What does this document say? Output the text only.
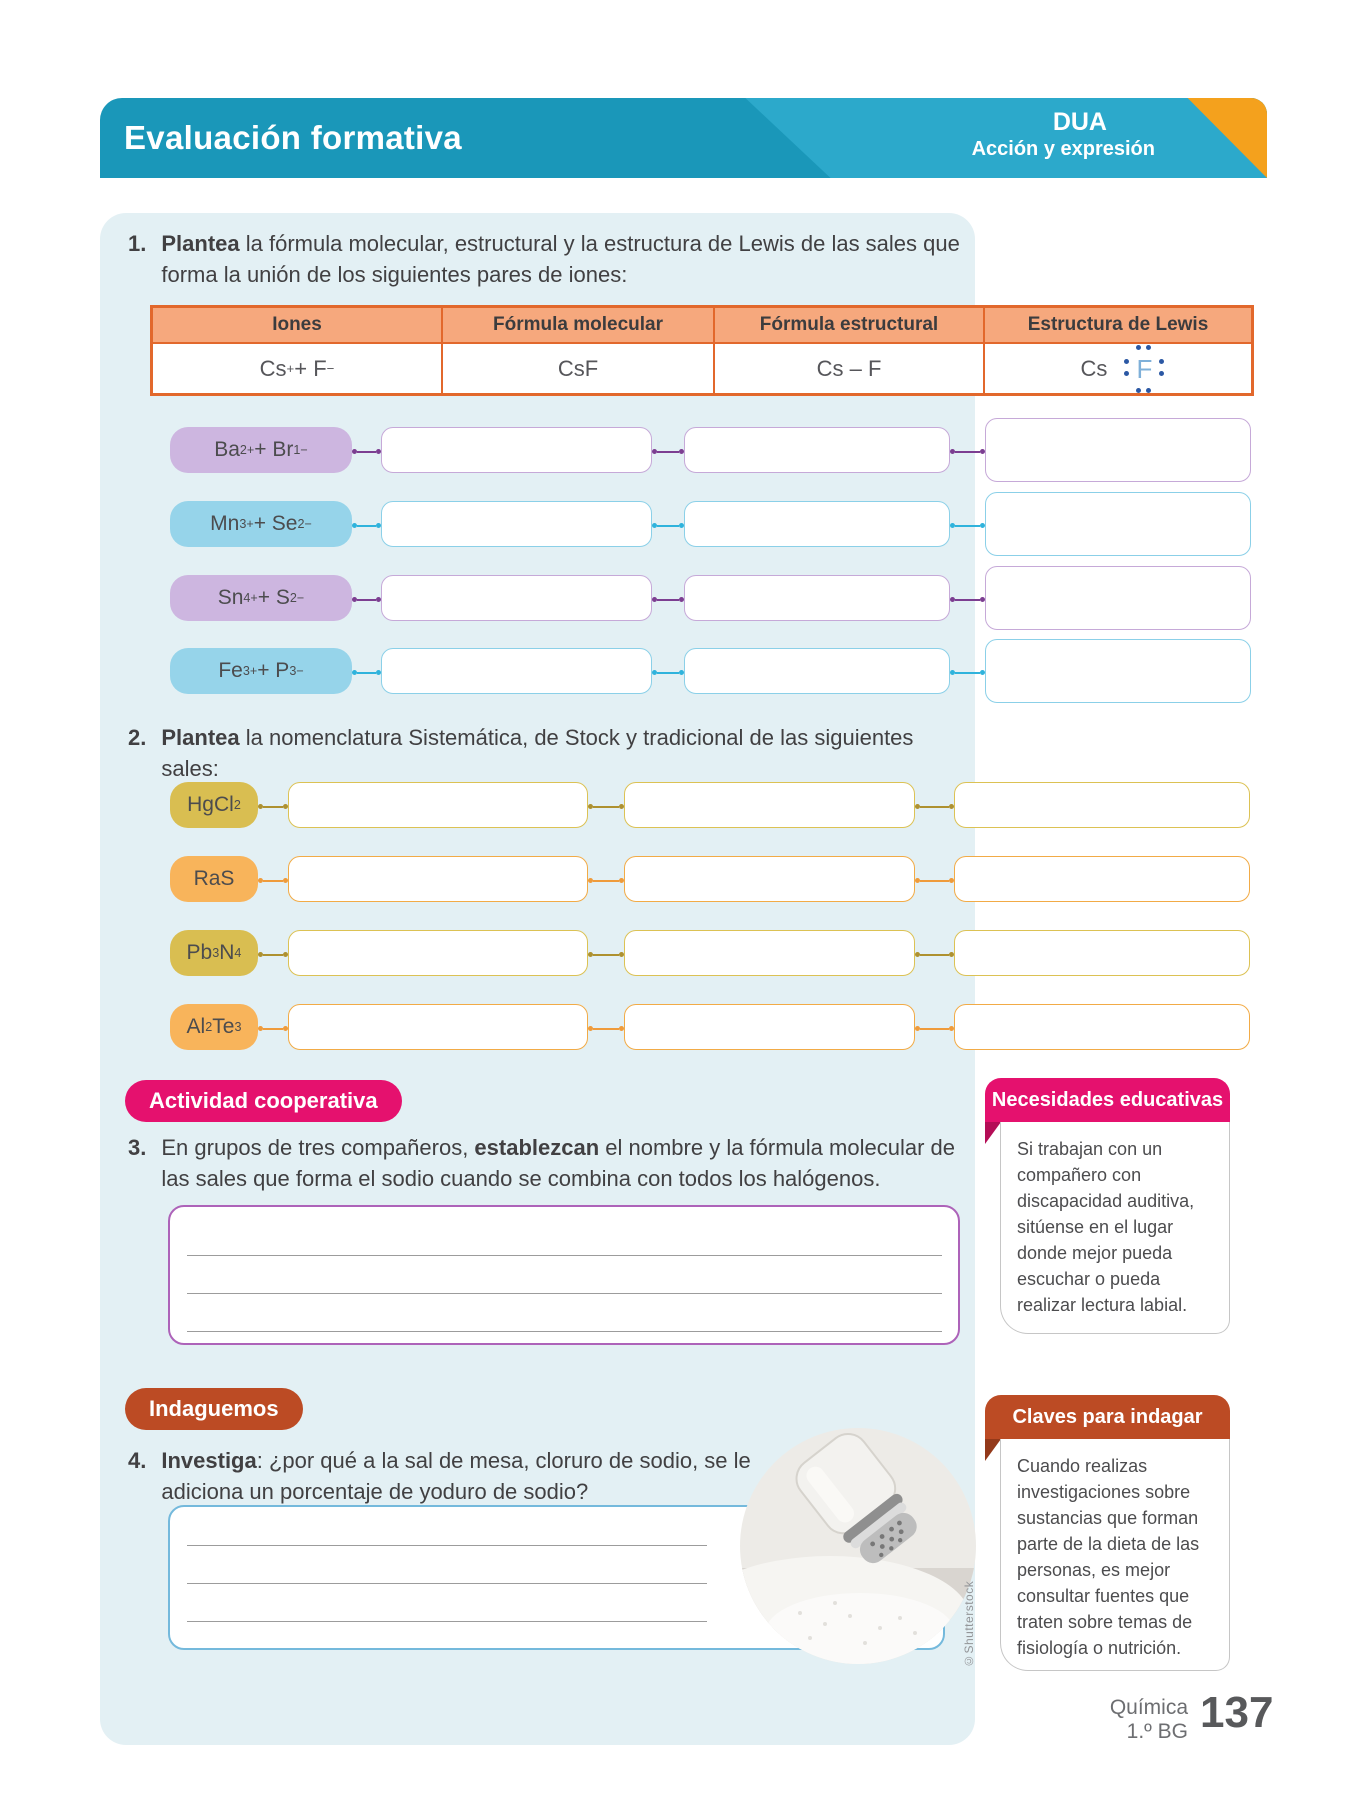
Evaluación formativa	DUA
Acción y expresión
1. Plantea la fórmula molecular, estructural y la estructura de Lewis de las sales que forma la unión de los siguientes pares de iones:
Iones	Fórmula molecular	Fórmula estructural	Estructura de Lewis
Cs + + F −	CsF	Cs – F	Cs F
Ba 2+ + Br 1−
Mn 3+ + Se 2−
Sn 4+ + S 2−
Fe 3+ + P 3−
2. Plantea la nomenclatura Sistemática, de Stock y tradicional de las siguientes sales:
HgCl 2
RaS
Pb 3 N 4
Al 2 Te 3
Actividad cooperativa
3. En grupos de tres compañeros, establezcan el nombre y la fórmula molecular de las sales que forma el sodio cuando se combina con todos los halógenos.
Necesidades educativas
Si trabajan con un compañero con discapacidad auditiva, sitúense en el lugar donde mejor pueda escuchar o pueda realizar lectura labial.
Indaguemos
4. Investiga: ¿por qué a la sal de mesa, cloruro de sodio, se le adiciona un porcentaje de yoduro de sodio?
©Shutterstock
Claves para indagar
Cuando realizas investigaciones sobre sustancias que forman parte de la dieta de las personas, es mejor consultar fuentes que traten sobre temas de fisiología o nutrición.
Química
1.º BG 137
